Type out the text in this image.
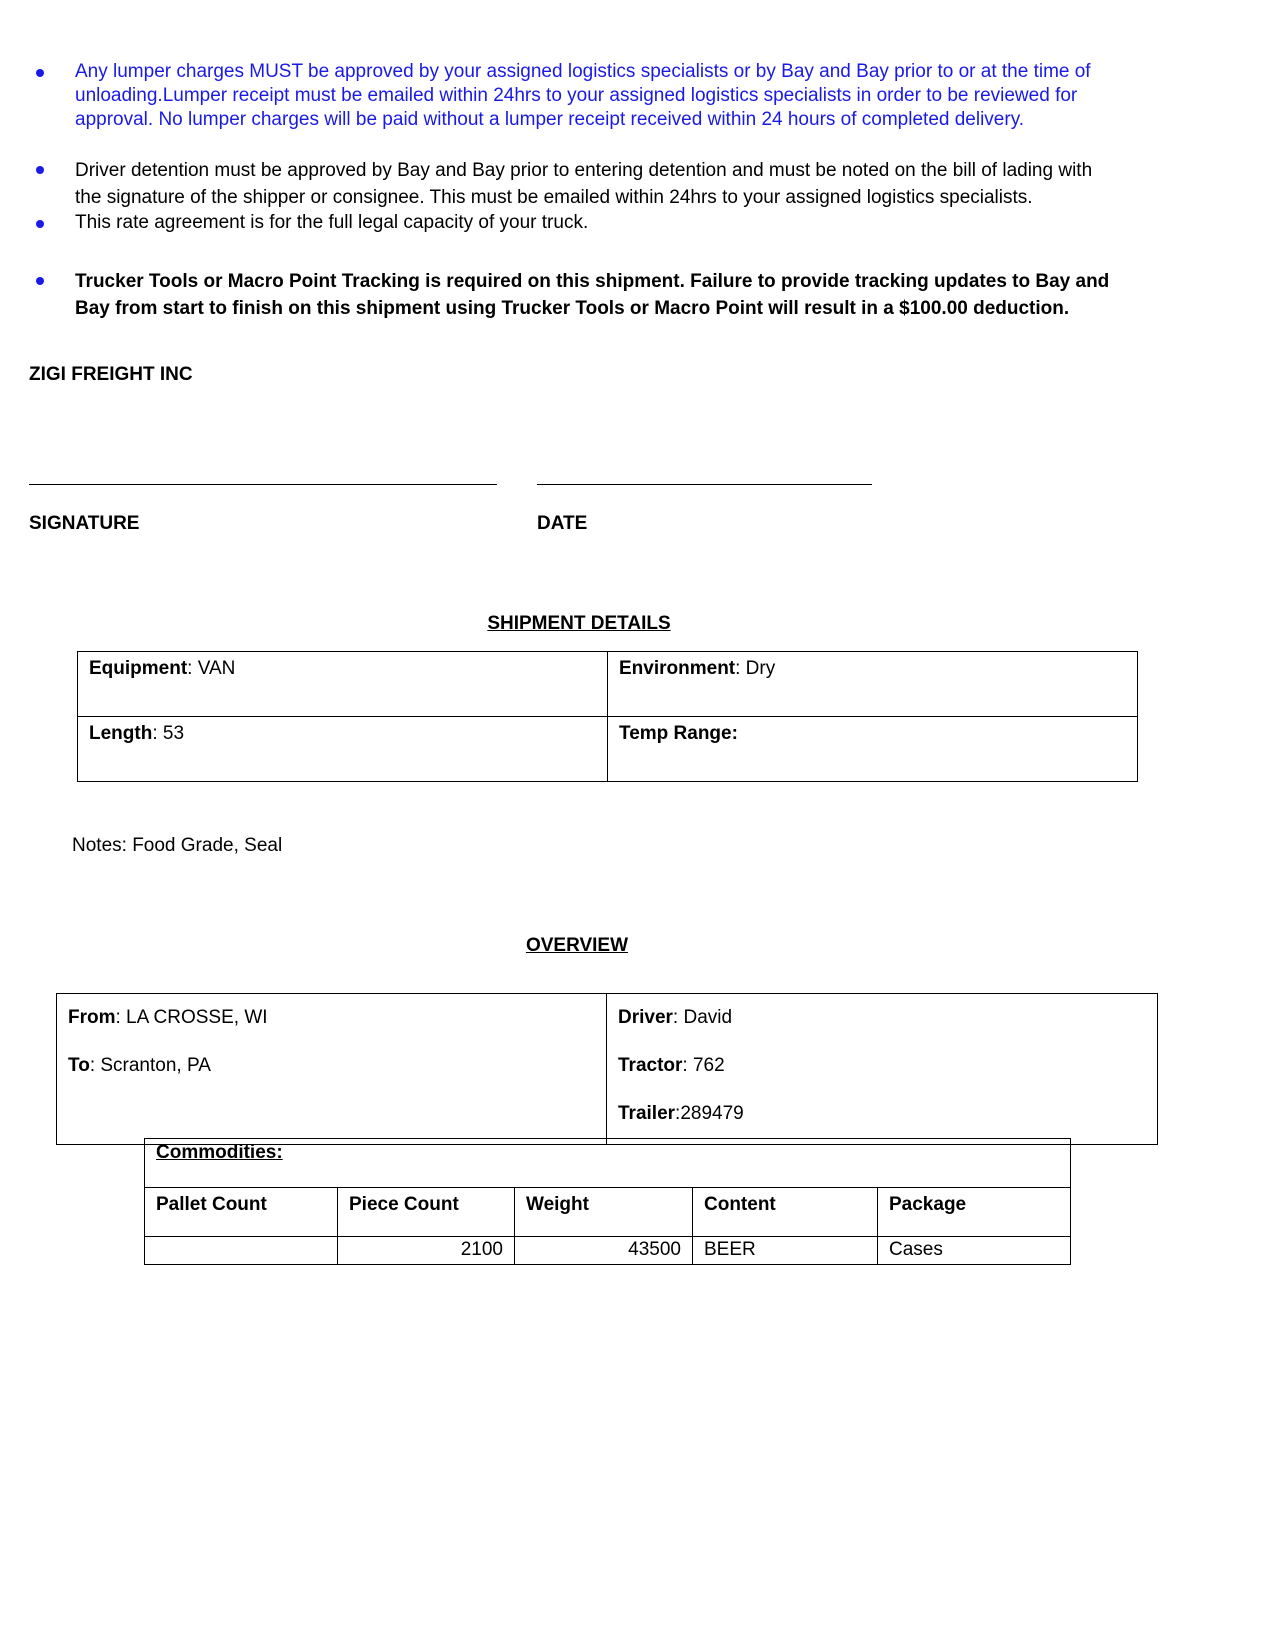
Any lumper charges MUST be approved by your assigned logistics specialists or by Bay and Bay prior to or at the time of unloading.Lumper receipt must be emailed within 24hrs to your assigned logistics specialists in order to be reviewed for approval. No lumper charges will be paid without a lumper receipt received within 24 hours of completed delivery.
Driver detention must be approved by Bay and Bay prior to entering detention and must be noted on the bill of lading with the signature of the shipper or consignee. This must be emailed within 24hrs to your assigned logistics specialists.
This rate agreement is for the full legal capacity of your truck.
Trucker Tools or Macro Point Tracking is required on this shipment. Failure to provide tracking updates to Bay and Bay from start to finish on this shipment using Trucker Tools or Macro Point will result in a $100.00 deduction.
ZIGI FREIGHT INC
SIGNATURE	DATE
SHIPMENT DETAILS
Equipment: VAN	Environment: Dry
Length: 53	Temp Range:
Notes: Food Grade, Seal
OVERVIEW
From: LA CROSSE, WI
To: Scranton, PA

Driver: David
Tractor: 762
Trailer:289479
Commodities:				
Pallet Count	Piece Count	Weight	Content	Package
	2100	43500	BEER	Cases
